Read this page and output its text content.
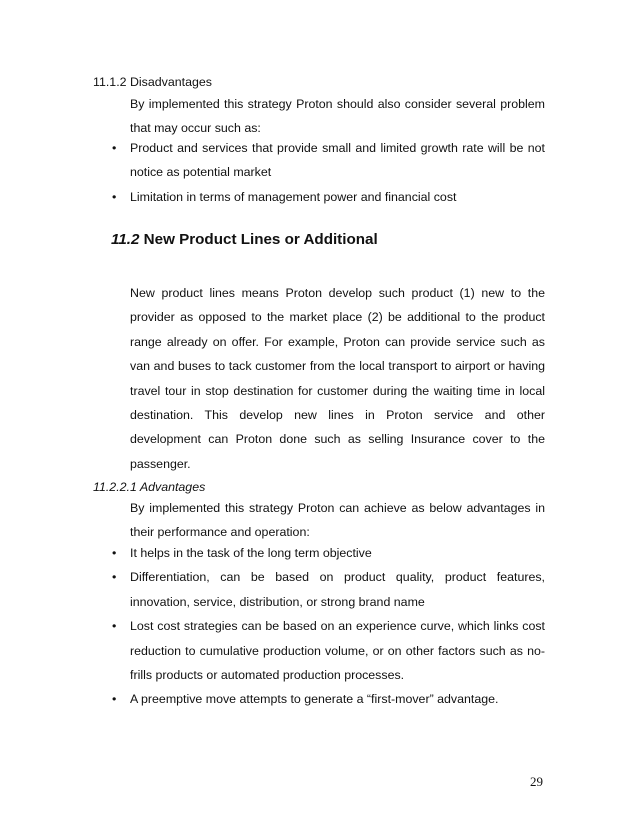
11.1.2 Disadvantages

By implemented this strategy Proton should also consider several problem that may occur such as:

• Product and services that provide small and limited growth rate will be not notice as potential market
• Limitation in terms of management power and financial cost
11.2 New Product Lines or Additional

New product lines means Proton develop such product (1) new to the provider as opposed to the market place (2) be additional to the product range already on offer. For example, Proton can provide service such as van and buses to tack customer from the local transport to airport or having travel tour in stop destination for customer during the waiting time in local destination. This develop new lines in Proton service and other development can Proton done such as selling Insurance cover to the passenger.

11.2.2.1 Advantages

By implemented this strategy Proton can achieve as below advantages in their performance and operation:

• It helps in the task of the long term objective
• Differentiation, can be based on product quality, product features, innovation, service, distribution, or strong brand name
• Lost cost strategies can be based on an experience curve, which links cost reduction to cumulative production volume, or on other factors such as no-frills products or automated production processes.
• A preemptive move attempts to generate a “first-mover” advantage.
29
